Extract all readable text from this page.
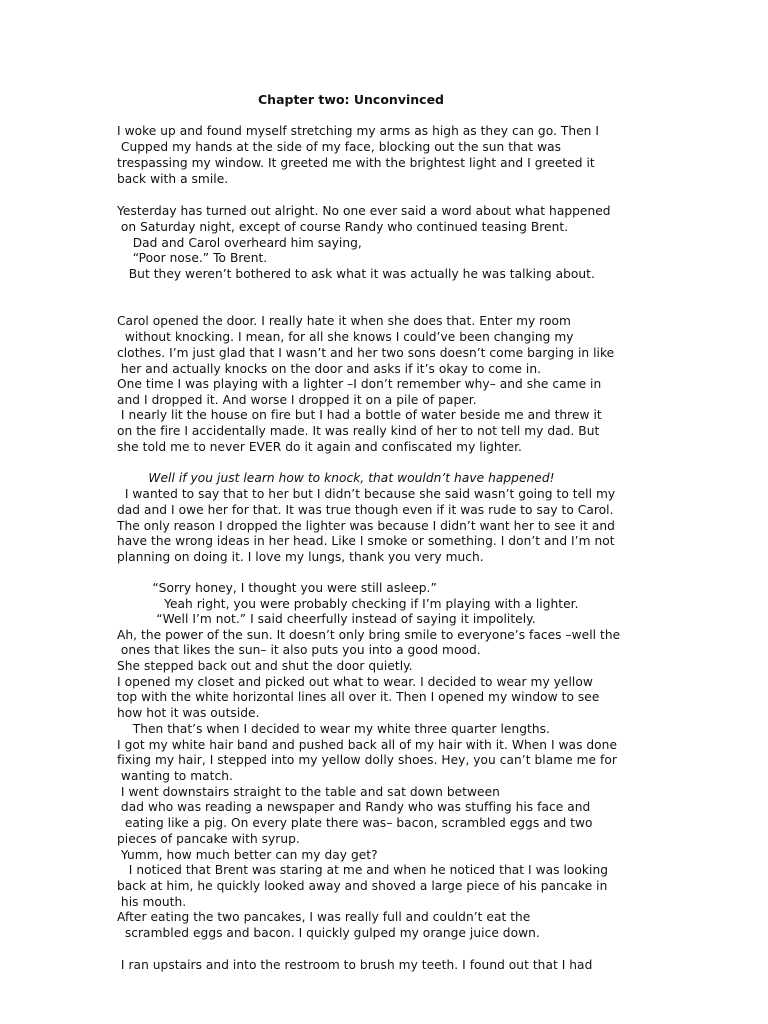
Chapter two: Unconvinced
I woke up and found myself stretching my arms as high as they can go. Then I
Cupped my hands at the side of my face, blocking out the sun that was
trespassing my window. It greeted me with the brightest light and I greeted it
back with a smile.
Yesterday has turned out alright. No one ever said a word about what happened
on Saturday night, except of course Randy who continued teasing Brent.
Dad and Carol overheard him saying,
“Poor nose.” To Brent.
But they weren’t bothered to ask what it was actually he was talking about.
Carol opened the door. I really hate it when she does that. Enter my room
without knocking. I mean, for all she knows I could’ve been changing my
clothes. I’m just glad that I wasn’t and her two sons doesn’t come barging in like
her and actually knocks on the door and asks if it’s okay to come in.
One time I was playing with a lighter –I don’t remember why– and she came in
and I dropped it. And worse I dropped it on a pile of paper.
I nearly lit the house on fire but I had a bottle of water beside me and threw it
on the fire I accidentally made. It was really kind of her to not tell my dad. But
she told me to never EVER do it again and confiscated my lighter.
Well if you just learn how to knock, that wouldn’t have happened!
I wanted to say that to her but I didn’t because she said wasn’t going to tell my
dad and I owe her for that. It was true though even if it was rude to say to Carol.
The only reason I dropped the lighter was because I didn’t want her to see it and
have the wrong ideas in her head. Like I smoke or something. I don’t and I’m not
planning on doing it. I love my lungs, thank you very much.
“Sorry honey, I thought you were still asleep.”
Yeah right, you were probably checking if I’m playing with a lighter.
“Well I’m not.” I said cheerfully instead of saying it impolitely.
Ah, the power of the sun. It doesn’t only bring smile to everyone’s faces –well the
ones that likes the sun– it also puts you into a good mood.
She stepped back out and shut the door quietly.
I opened my closet and picked out what to wear. I decided to wear my yellow
top with the white horizontal lines all over it. Then I opened my window to see
how hot it was outside.
Then that’s when I decided to wear my white three quarter lengths.
I got my white hair band and pushed back all of my hair with it. When I was done
fixing my hair, I stepped into my yellow dolly shoes. Hey, you can’t blame me for
wanting to match.
I went downstairs straight to the table and sat down between
dad who was reading a newspaper and Randy who was stuffing his face and
eating like a pig. On every plate there was– bacon, scrambled eggs and two
pieces of pancake with syrup.
Yumm, how much better can my day get?
I noticed that Brent was staring at me and when he noticed that I was looking
back at him, he quickly looked away and shoved a large piece of his pancake in
his mouth.
After eating the two pancakes, I was really full and couldn’t eat the
scrambled eggs and bacon. I quickly gulped my orange juice down.
I ran upstairs and into the restroom to brush my teeth. I found out that I had
